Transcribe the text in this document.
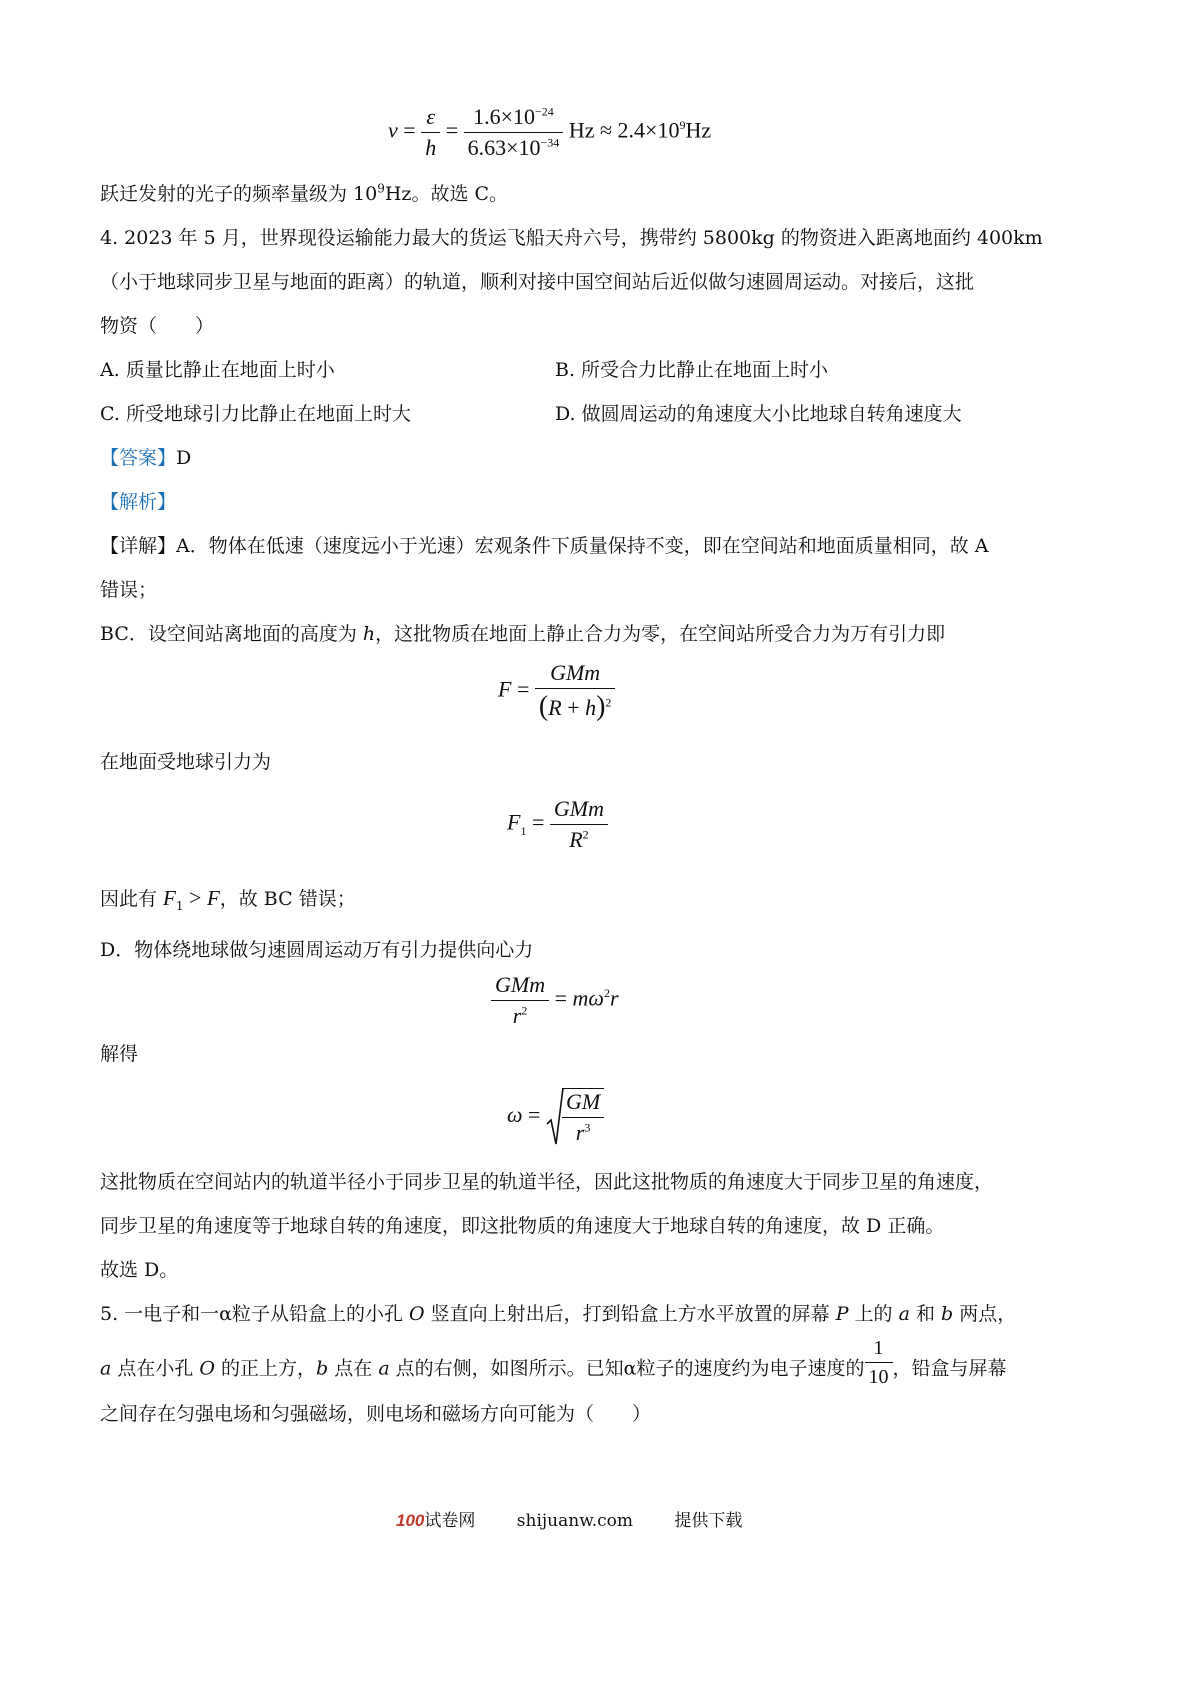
$\nu = \frac{\varepsilon}{h} = \frac{1.6\times 10^{-24}}{6.63\times 10^{-34}}$ $Hz \approx 2.4\times 10^9Hz$
跃迁发射的光子的频率量级为 $10^9Hz$。故选 C。
4. 2023 年 5 月，世界现役运输能力最大的货运飞船天舟六号，携带约 5800kg 的物资进入距离地面约 400km
（小于地球同步卫星与地面的距离）的轨道，顺利对接中国空间站后近似做匀速圆周运动。对接后，这批
物资（　　）
A. 质量比静止在地面上时小	B. 所受合力比静止在地面上时小
C. 所受地球引力比静止在地面上时大	D. 做圆周运动的角速度大小比地球自转角速度大
【答案】D
【解析】
【详解】A．物体在低速（速度远小于光速）宏观条件下质量保持不变，即在空间站和地面质量相同，故 A
错误；
BC．设空间站离地面的高度为 h，这批物质在地面上静止合力为零，在空间站所受合力为万有引力即
$F = \frac{\text{GMm}}{(R + h)^2}$
在地面受地球引力为
$F_1 = \frac{\text{GMm}}{R^2}$
因此有 $F_1 > F$，故 BC 错误；
D．物体绕地球做匀速圆周运动万有引力提供向心力
$\frac{\text{GMm}}{r^2} = m\omega^2r$
解得
$\omega = \frac{GM}{r^3}$
这批物质在空间站内的轨道半径小于同步卫星的轨道半径，因此这批物质的角速度大于同步卫星的角速度，
同步卫星的角速度等于地球自转的角速度，即这批物质的角速度大于地球自转的角速度，故 D 正确。
故选 D。
5. 一电子和一α粒子从铅盒上的小孔 O 竖直向上射出后，打到铅盒上方水平放置的屏幕 P 上的 a 和 b 两点，
a 点在小孔 O 的正上方，b 点在 a 点的右侧，如图所示。已知α粒子的速度约为电子速度的 $\frac{1}{10}$ ，铅盒与屏幕
之间存在匀强电场和匀强磁场，则电场和磁场方向可能为（　　）
100试卷网 shijuanw.com 提供下载
